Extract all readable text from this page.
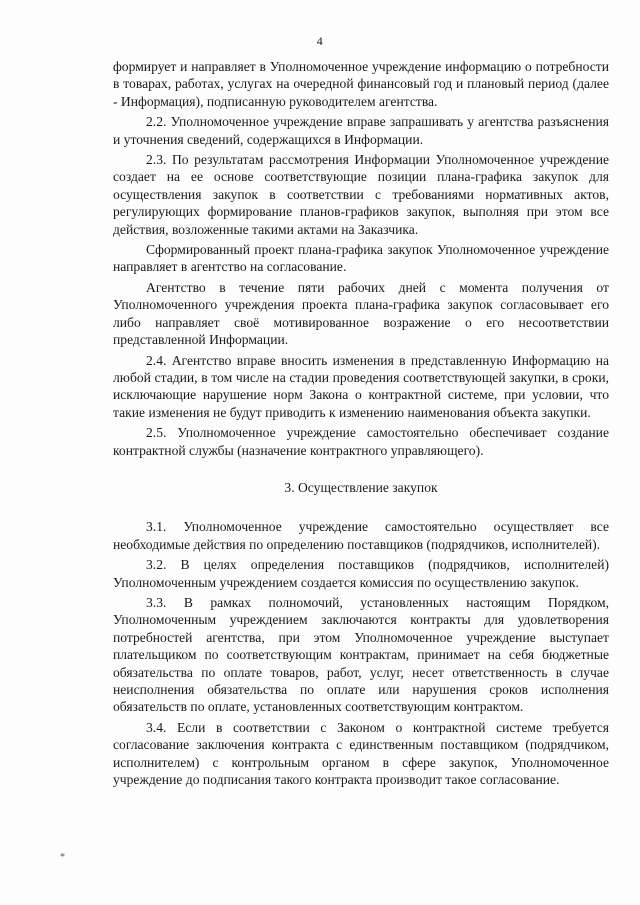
4

формирует и направляет в Уполномоченное учреждение информацию о потребности в товарах, работах, услугах на очередной финансовый год и плановый период (далее - Информация), подписанную руководителем агентства.

2.2. Уполномоченное учреждение вправе запрашивать у агентства разъяснения и уточнения сведений, содержащихся в Информации.

2.3. По результатам рассмотрения Информации Уполномоченное учреждение создает на ее основе соответствующие позиции плана-графика закупок для осуществления закупок в соответствии с требованиями нормативных актов, регулирующих формирование планов-графиков закупок, выполняя при этом все действия, возложенные такими актами на Заказчика.

Сформированный проект плана-графика закупок Уполномоченное учреждение направляет в агентство на согласование.

Агентство в течение пяти рабочих дней с момента получения от Уполномоченного учреждения проекта плана-графика закупок согласовывает его либо направляет своё мотивированное возражение о его несоответствии представленной Информации.

2.4. Агентство вправе вносить изменения в представленную Информацию на любой стадии, в том числе на стадии проведения соответствующей закупки, в сроки, исключающие нарушение норм Закона о контрактной системе, при условии, что такие изменения не будут приводить к изменению наименования объекта закупки.

2.5. Уполномоченное учреждение самостоятельно обеспечивает создание контрактной службы (назначение контрактного управляющего).

3. Осуществление закупок

3.1. Уполномоченное учреждение самостоятельно осуществляет все необходимые действия по определению поставщиков (подрядчиков, исполнителей).

3.2. В целях определения поставщиков (подрядчиков, исполнителей) Уполномоченным учреждением создается комиссия по осуществлению закупок.

3.3. В рамках полномочий, установленных настоящим Порядком, Уполномоченным учреждением заключаются контракты для удовлетворения потребностей агентства, при этом Уполномоченное учреждение выступает плательщиком по соответствующим контрактам, принимает на себя бюджетные обязательства по оплате товаров, работ, услуг, несет ответственность в случае неисполнения обязательства по оплате или нарушения сроков исполнения обязательств по оплате, установленных соответствующим контрактом.

3.4. Если в соответствии с Законом о контрактной системе требуется согласование заключения контракта с единственным поставщиком (подрядчиком, исполнителем) с контрольным органом в сфере закупок, Уполномоченное учреждение до подписания такого контракта производит такое согласование.

*
